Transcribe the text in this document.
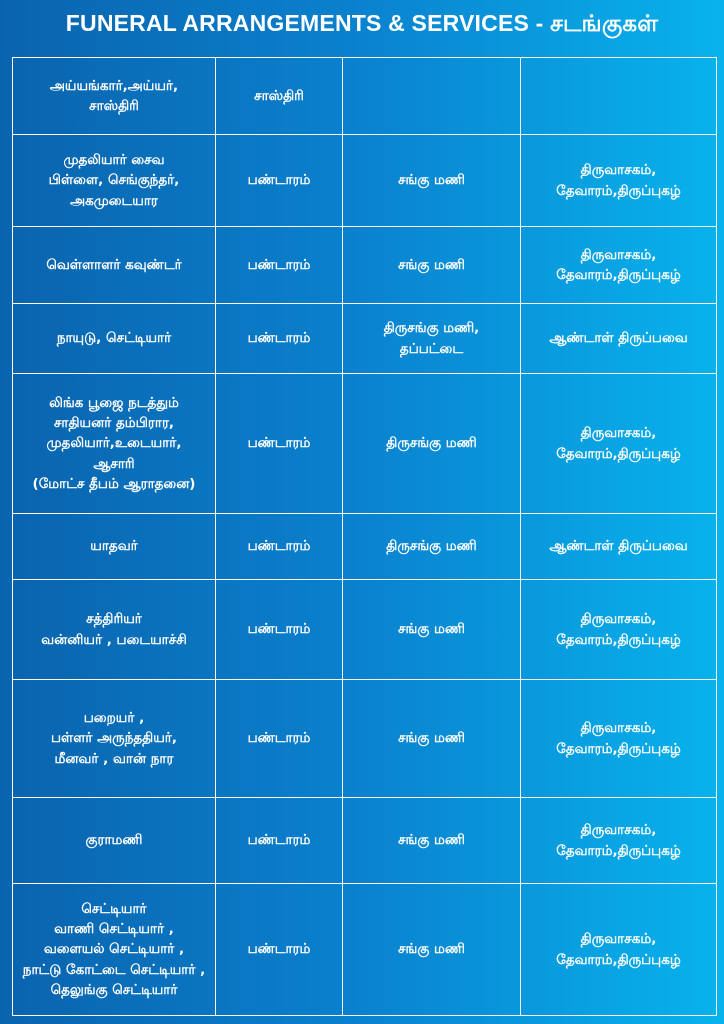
FUNERAL ARRANGEMENTS & SERVICES - சடங்குகள்
அய்யங்கார்,அய்யர்,
சாஸ்திரி	சாஸ்திரி		
முதலியார் சைவ
பிள்ளை, செங்குந்தர்,
அகமுடையார	பண்டாரம்	சங்கு மணி	திருவாசகம்,
தேவாரம்,திருப்புகழ்
வெள்ளாளர் கவுண்டர்	பண்டாரம்	சங்கு மணி	திருவாசகம்,
தேவாரம்,திருப்புகழ்
நாயுடு, செட்டியார்	பண்டாரம்	திருசங்கு மணி,
தப்பட்டை	ஆண்டாள் திருப்பவை
லிங்க பூஜை நடத்தும்
சாதியனர் தம்பிரார,
முதலியார்,உடையார்,
ஆசாரி
(மோட்ச தீபம் ஆராதனை)	பண்டாரம்	திருசங்கு மணி	திருவாசகம்,
தேவாரம்,திருப்புகழ்
யாதவர்	பண்டாரம்	திருசங்கு மணி	ஆண்டாள் திருப்பவை
சத்திரியர்
வன்னியர் , படையாச்சி	பண்டாரம்	சங்கு மணி	திருவாசகம்,
தேவாரம்,திருப்புகழ்
பறையர் ,
பள்ளர் அருந்ததியர்,
மீனவர் , வான் நார	பண்டாரம்	சங்கு மணி	திருவாசகம்,
தேவாரம்,திருப்புகழ்
குராமணி	பண்டாரம்	சங்கு மணி	திருவாசகம்,
தேவாரம்,திருப்புகழ்
செட்டியார்
வாணி செட்டியார் ,
வளையல் செட்டியார் ,
நாட்டு கோட்டை செட்டியார் ,
தெலுங்கு செட்டியார்	பண்டாரம்	சங்கு மணி	திருவாசகம்,
தேவாரம்,திருப்புகழ்
